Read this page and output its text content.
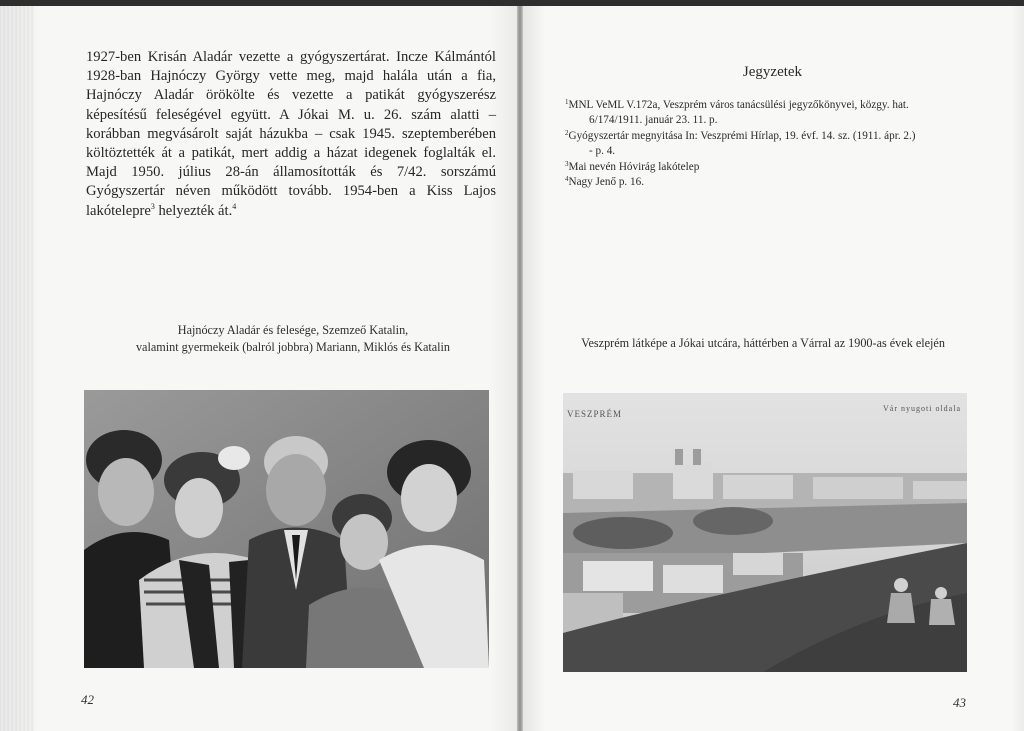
1927-ben Krisán Aladár vezette a gyógyszertárat. Incze Kálmántól 1928-ban Hajnóczy György vette meg, majd halála után a fia, Hajnóczy Aladár örökölte és vezette a patikát gyógyszerész képesítésű feleségével együtt. A Jókai M. u. 26. szám alatti – korábban megvásárolt saját házukba – csak 1945. szeptemberében költöztették át a patikát, mert addig a házat idegenek foglalták el. Majd 1950. július 28-án államosították és 7/42. sorszámú Gyógyszertár néven működött tovább. 1954-ben a Kiss Lajos lakótelepre$^3$ helyezték át.$^4$

Hajnóczy Aladár és felesége, Szemzeő Katalin,
valamint gyermekeik (balról jobbra) Mariann, Miklós és Katalin
42
Jegyzetek

$^1$MNL VeML V.172a, Veszprém város tanácsülési jegyzőkönyvei, közgy. hat.
6/174/1911. január 23. 11. p.

$^2$Gyógyszertár megnyitása In: Veszprémi Hírlap, 19. évf. 14. sz. (1911. ápr. 2.)
- p. 4.

$^3$Mai nevén Hóvirág lakótelep

$^4$Nagy Jenő p. 16.

Veszprém látképe a Jókai utcára, háttérben a Várral az 1900-as évek elején
VESZPRÉM
Vár nyugoti oldala
43
